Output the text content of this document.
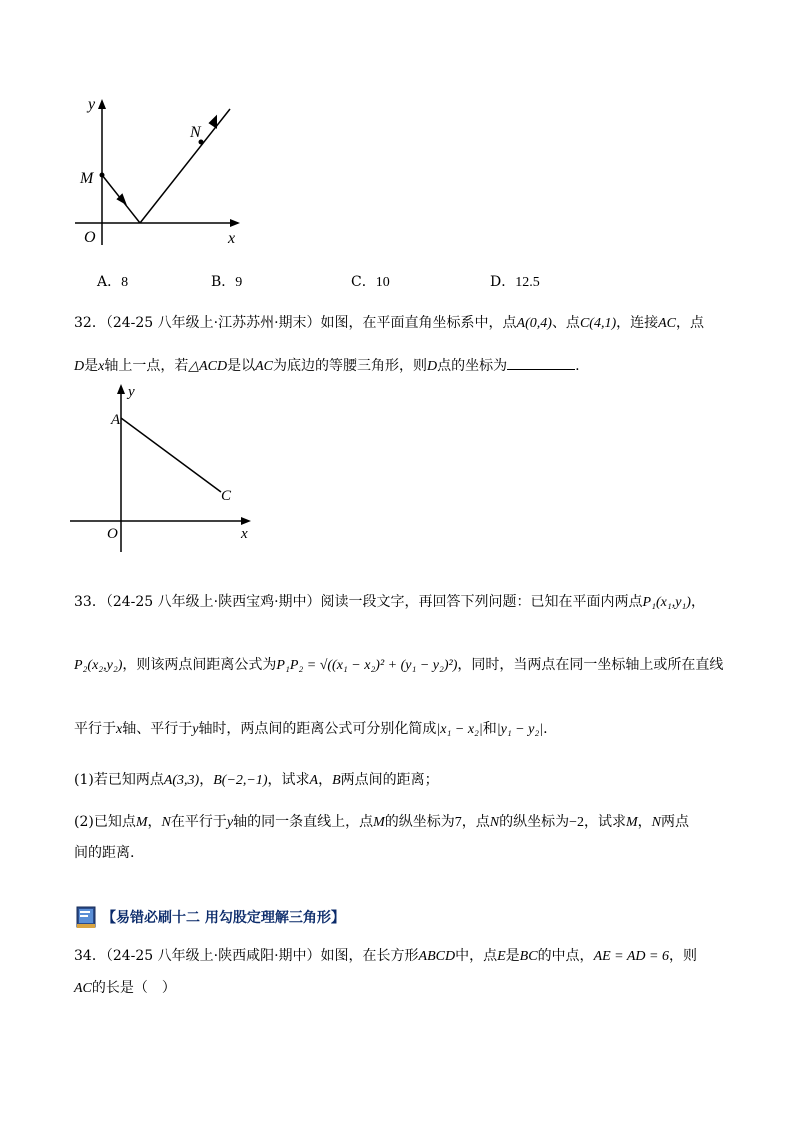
y
x
O
M
N
A．8	B．9	C．10	D．12.5
32．（24-25 八年级上·江苏苏州·期末）如图，在平面直角坐标系中，点A(0,4)、点C(4,1)，连接AC，点
D是x轴上一点，若△ACD是以AC为底边的等腰三角形，则D点的坐标为	.
A
C
O	x
y
33．（24-25 八年级上·陕西宝鸡·期中）阅读一段文字，再回答下列问题：已知在平面内两点P₁(x₁,y₁)，
P₂(x₂,y₂)，则该两点间距离公式为P₁P₂ = √((x₁ − x₂)² + (y₁ − y₂)²)，同时，当两点在同一坐标轴上或所在直线
平行于x轴、平行于y轴时，两点间的距离公式可分别化简成|x₁ − x₂|和|y₁ − y₂|.
(1)若已知两点A(3,3)，B(−2,−1)，试求A，B两点间的距离；
(2)已知点M，N在平行于y轴的同一条直线上，点M的纵坐标为7，点N的纵坐标为−2，试求M，N两点
间的距离.
【易错必刷十二 用勾股定理解三角形】
34．（24-25 八年级上·陕西咸阳·期中）如图，在长方形ABCD中，点E是BC的中点，AE = AD = 6，则
AC的长是（　）
